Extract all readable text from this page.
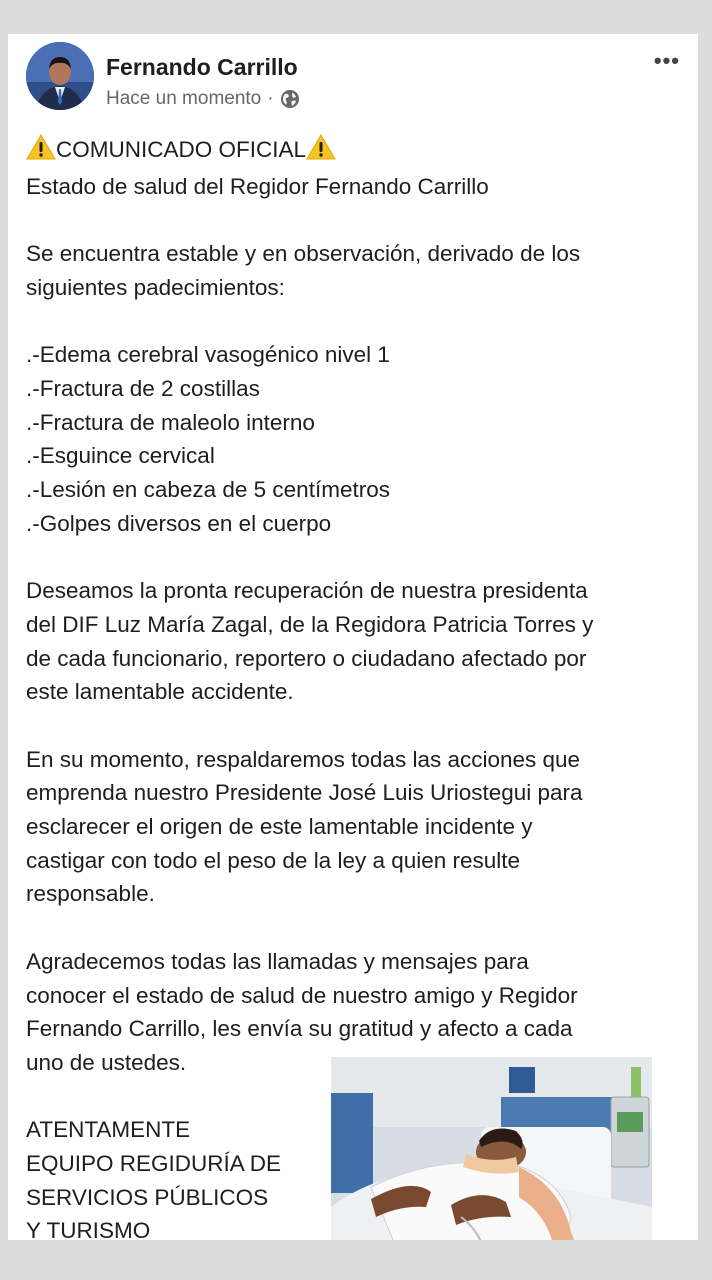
Fernando Carrillo
Hace un momento ·
•••

COMUNICADO OFICIAL

Estado de salud del Regidor Fernando Carrillo

Se encuentra estable y en observación, derivado de los

siguientes padecimientos:

.-Edema cerebral vasogénico nivel 1

.-Fractura de 2 costillas

.-Fractura de maleolo interno

.-Esguince cervical

.-Lesión en cabeza de 5 centímetros

.-Golpes diversos en el cuerpo

Deseamos la pronta recuperación de nuestra presidenta

del DIF Luz María Zagal, de la Regidora Patricia Torres y

de cada funcionario, reportero o ciudadano afectado por

este lamentable accidente.

En su momento, respaldaremos todas las acciones que

emprenda nuestro Presidente José Luis Uriostegui para

esclarecer el origen de este lamentable incidente y

castigar con todo el peso de la ley a quien resulte

responsable.

Agradecemos todas las llamadas y mensajes para

conocer el estado de salud de nuestro amigo y Regidor

Fernando Carrillo, les envía su gratitud y afecto a cada

uno de ustedes.

ATENTAMENTE

EQUIPO REGIDURÍA DE

SERVICIOS PÚBLICOS

Y TURISMO
